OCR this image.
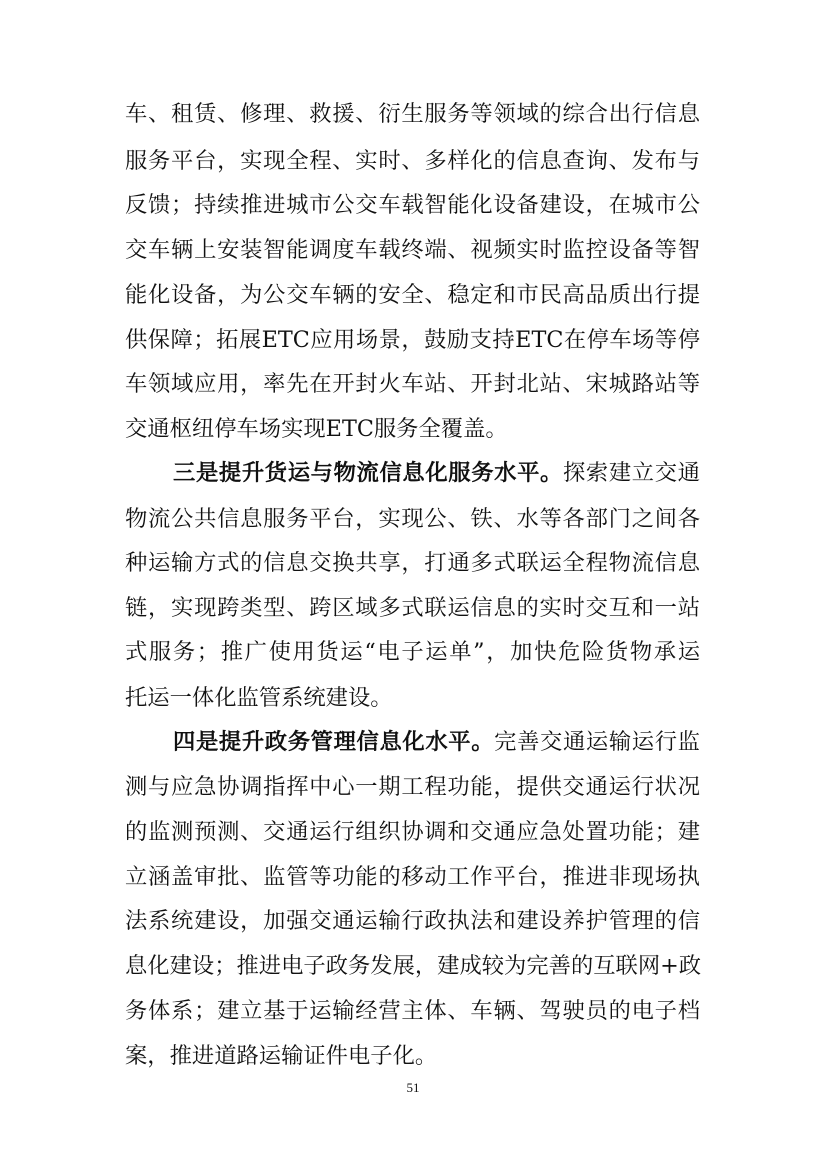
车、租赁、修理、救援、衍生服务等领域的综合出行信息
服务平台，实现全程、实时、多样化的信息查询、发布与
反馈；持续推进城市公交车载智能化设备建设，在城市公
交车辆上安装智能调度车载终端、视频实时监控设备等智
能化设备，为公交车辆的安全、稳定和市民高品质出行提
供保障；拓展ETC应用场景，鼓励支持ETC在停车场等停
车领域应用，率先在开封火车站、开封北站、宋城路站等
交通枢纽停车场实现ETC服务全覆盖。
三是提升货运与物流信息化服务水平。探索建立交通
物流公共信息服务平台，实现公、铁、水等各部门之间各
种运输方式的信息交换共享，打通多式联运全程物流信息
链，实现跨类型、跨区域多式联运信息的实时交互和一站
式服务；推广使用货运“电子运单”，加快危险货物承运
托运一体化监管系统建设。
四是提升政务管理信息化水平。完善交通运输运行监
测与应急协调指挥中心一期工程功能，提供交通运行状况
的监测预测、交通运行组织协调和交通应急处置功能；建
立涵盖审批、监管等功能的移动工作平台，推进非现场执
法系统建设，加强交通运输行政执法和建设养护管理的信
息化建设；推进电子政务发展，建成较为完善的互联网+政
务体系；建立基于运输经营主体、车辆、驾驶员的电子档
案，推进道路运输证件电子化。
51
